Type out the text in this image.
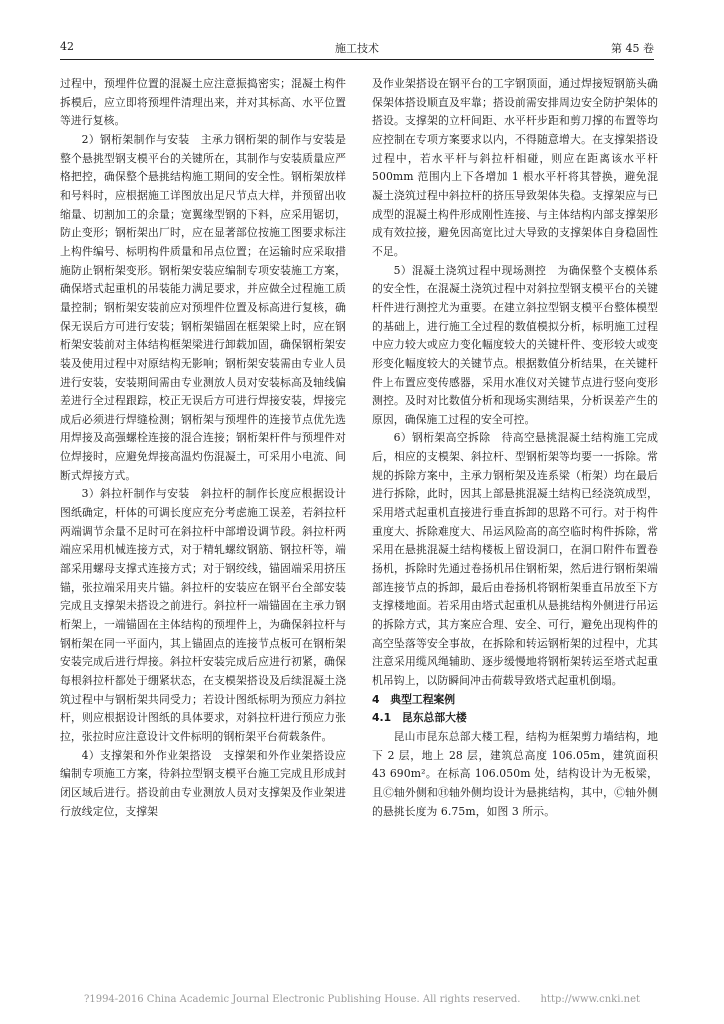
42	施工技术	第 45 卷

过程中，预埋件位置的混凝土应注意振捣密实；混凝土构件拆模后，应立即将预埋件清理出来，并对其标高、水平位置等进行复核。

2）钢桁架制作与安装　主承力钢桁架的制作与安装是整个悬挑型钢支模平台的关键所在，其制作与安装质量应严格把控，确保整个悬挑结构施工期间的安全性。钢桁架放样和号料时，应根据施工详图放出足尺节点大样，并预留出收缩量、切割加工的余量；宽翼缘型钢的下料，应采用锯切，防止变形；钢桁架出厂时，应在显著部位按施工图要求标注上构件编号、标明构件质量和吊点位置；在运输时应采取措施防止钢桁架变形。钢桁架安装应编制专项安装施工方案，确保塔式起重机的吊装能力满足要求，并应做全过程施工质量控制；钢桁架安装前应对预埋件位置及标高进行复核，确保无误后方可进行安装；钢桁架锚固在框架梁上时，应在钢桁架安装前对主体结构框架梁进行卸载加固，确保钢桁架安装及使用过程中对原结构无影响；钢桁架安装需由专业人员进行安装，安装期间需由专业测放人员对安装标高及轴线偏差进行全过程跟踪，校正无误后方可进行焊接安装，焊接完成后必须进行焊缝检测；钢桁架与预埋件的连接节点优先选用焊接及高强螺栓连接的混合连接；钢桁架杆件与预埋件对位焊接时，应避免焊接高温灼伤混凝土，可采用小电流、间断式焊接方式。

3）斜拉杆制作与安装　斜拉杆的制作长度应根据设计图纸确定，杆体的可调长度应充分考虑施工误差，若斜拉杆两端调节余量不足时可在斜拉杆中部增设调节段。斜拉杆两端应采用机械连接方式，对于精轧螺纹钢筋、钢拉杆等，端部采用螺母支撑式连接方式；对于钢绞线，锚固端采用挤压锚，张拉端采用夹片锚。斜拉杆的安装应在钢平台全部安装完成且支撑架未搭设之前进行。斜拉杆一端锚固在主承力钢桁架上，一端锚固在主体结构的预埋件上，为确保斜拉杆与钢桁架在同一平面内，其上锚固点的连接节点板可在钢桁架安装完成后进行焊接。斜拉杆安装完成后应进行初紧，确保每根斜拉杆都处于绷紧状态，在支模架搭设及后续混凝土浇筑过程中与钢桁架共同受力；若设计图纸标明为预应力斜拉杆，则应根据设计图纸的具体要求，对斜拉杆进行预应力张拉，张拉时应注意设计文件标明的钢桁架平台荷载条件。

4）支撑架和外作业架搭设　支撑架和外作业架搭设应编制专项施工方案，待斜拉型钢支模平台施工完成且形成封闭区域后进行。搭设前由专业测放人员对支撑架及作业架进行放线定位，支撑架

及作业架搭设在钢平台的工字钢顶面，通过焊接短钢筋头确保架体搭设顺直及牢靠；搭设前需安排周边安全防护架体的搭设。支撑架的立杆间距、水平杆步距和剪刀撑的布置等均应控制在专项方案要求以内，不得随意增大。在支撑架搭设过程中，若水平杆与斜拉杆相碰，则应在距离该水平杆 500mm 范围内上下各增加 1 根水平杆将其替换，避免混凝土浇筑过程中斜拉杆的挤压导致架体失稳。支撑架应与已成型的混凝土构件形成刚性连接、与主体结构内部支撑架形成有效拉接，避免因高宽比过大导致的支撑架体自身稳固性不足。

5）混凝土浇筑过程中现场测控　为确保整个支模体系的安全性，在混凝土浇筑过程中对斜拉型钢支模平台的关键杆件进行测控尤为重要。在建立斜拉型钢支模平台整体模型的基础上，进行施工全过程的数值模拟分析，标明施工过程中应力较大或应力变化幅度较大的关键杆件、变形较大或变形变化幅度较大的关键节点。根据数值分析结果，在关键杆件上布置应变传感器，采用水准仪对关键节点进行竖向变形测控。及时对比数值分析和现场实测结果，分析误差产生的原因，确保施工过程的安全可控。

6）钢桁架高空拆除　待高空悬挑混凝土结构施工完成后，相应的支模架、斜拉杆、型钢桁架等均要一一拆除。常规的拆除方案中，主承力钢桁架及连系梁（桁架）均在最后进行拆除，此时，因其上部悬挑混凝土结构已经浇筑成型，采用塔式起重机直接进行垂直拆卸的思路不可行。对于构件重度大、拆除难度大、吊运风险高的高空临时构件拆除，常采用在悬挑混凝土结构楼板上留设洞口，在洞口附件布置卷扬机，拆除时先通过卷扬机吊住钢桁架，然后进行钢桁架端部连接节点的拆卸，最后由卷扬机将钢桁架垂直吊放至下方支撑楼地面。若采用由塔式起重机从悬挑结构外侧进行吊运的拆除方式，其方案应合理、安全、可行，避免出现构件的高空坠落等安全事故，在拆除和转运钢桁架的过程中，尤其注意采用缆风绳辅助、逐步缓慢地将钢桁架转运至塔式起重机吊钩上，以防瞬间冲击荷载导致塔式起重机倒塌。

4　典型工程案例

4.1　昆东总部大楼

昆山市昆东总部大楼工程，结构为框架剪力墙结构，地下 2 层，地上 28 层，建筑总高度 106.05m，建筑面积43 690m²。在标高 106.050m 处，结构设计为无板梁，且Ⓒ轴外侧和Ⓗ轴外侧均设计为悬挑结构，其中，Ⓒ轴外侧的悬挑长度为 6.75m，如图 3 所示。

?1994-2016 China Academic Journal Electronic Publishing House. All rights reserved.　　http://www.cnki.net
